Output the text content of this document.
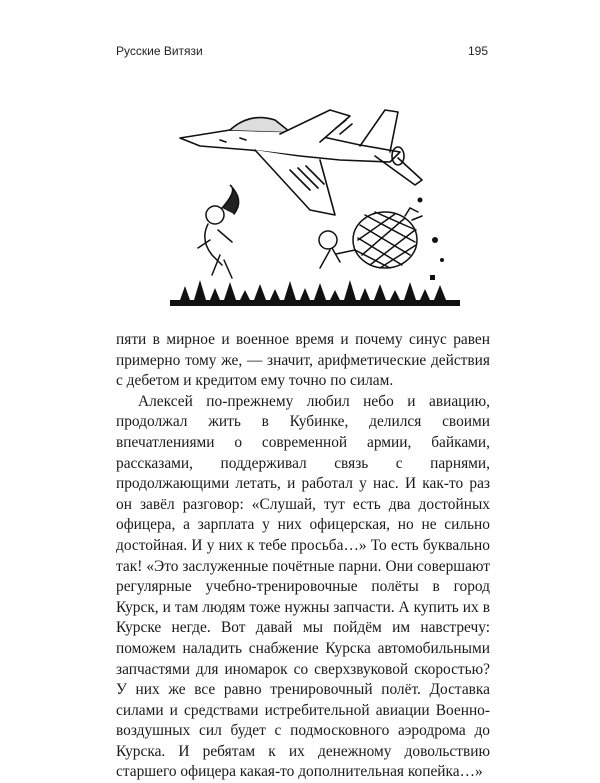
Русские Витязи	195

пяти в мирное и военное время и почему синус равен примерно тому же, — значит, арифметические действия с дебетом и кредитом ему точно по силам.

Алексей по-прежнему любил небо и авиацию, продолжал жить в Кубинке, делился своими впечатлениями о современной армии, байками, рассказами, поддерживал связь с парнями, продолжающими летать, и работал у нас. И как-то раз он завёл разговор: «Слушай, тут есть два достойных офицера, а зарплата у них офицерская, но не сильно достойная. И у них к тебе просьба…» То есть буквально так! «Это заслуженные почётные парни. Они совершают регулярные учебно-тренировочные полёты в город Курск, и там людям тоже нужны запчасти. А купить их в Курске негде. Вот давай мы пойдём им навстречу: поможем наладить снабжение Курска автомобильными запчастями для иномарок со сверхзвуковой скоростью? У них же все равно тренировочный полёт. Доставка силами и средствами истребительной авиации Военно-воздушных сил будет с подмосковного аэродрома до Курска. И ребятам к их денежному довольствию старшего офицера какая-то дополнительная копейка…»
